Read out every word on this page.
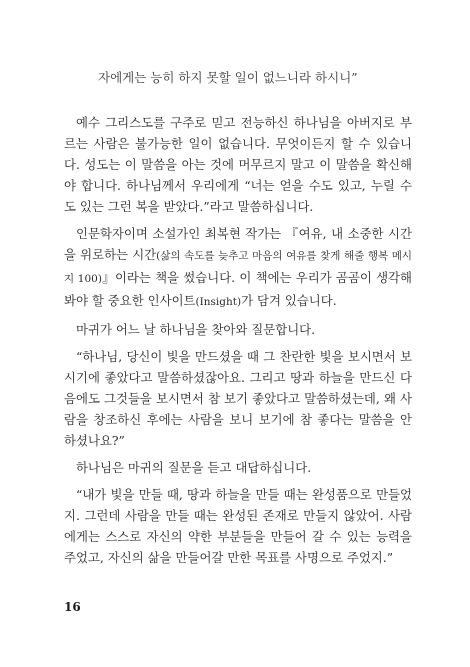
자에게는 능히 하지 못할 일이 없느니라 하시니”

예수 그리스도를 구주로 믿고 전능하신 하나님을 아버지로 부르는 사람은 불가능한 일이 없습니다. 무엇이든지 할 수 있습니다. 성도는 이 말씀을 아는 것에 머무르지 말고 이 말씀을 확신해야 합니다. 하나님께서 우리에게 “너는 얻을 수도 있고, 누릴 수도 있는 그런 복을 받았다.”라고 말씀하십니다.

인문학자이며 소설가인 최복현 작가는 『여유, 내 소중한 시간을 위로하는 시간(삶의 속도를 늦추고 마음의 여유를 찾게 해줄 행복 메시지 100)』이라는 책을 썼습니다. 이 책에는 우리가 곰곰이 생각해 봐야 할 중요한 인사이트(Insight)가 담겨 있습니다.

마귀가 어느 날 하나님을 찾아와 질문합니다.

“하나님, 당신이 빛을 만드셨을 때 그 찬란한 빛을 보시면서 보시기에 좋았다고 말씀하셨잖아요. 그리고 땅과 하늘을 만드신 다음에도 그것들을 보시면서 참 보기 좋았다고 말씀하셨는데, 왜 사람을 창조하신 후에는 사람을 보니 보기에 참 좋다는 말씀을 안 하셨나요?”

하나님은 마귀의 질문을 듣고 대답하십니다.

“내가 빛을 만들 때, 땅과 하늘을 만들 때는 완성품으로 만들었지. 그런데 사람을 만들 때는 완성된 존재로 만들지 않았어. 사람에게는 스스로 자신의 약한 부분들을 만들어 갈 수 있는 능력을 주었고, 자신의 삶을 만들어갈 만한 목표를 사명으로 주었지.”

16
